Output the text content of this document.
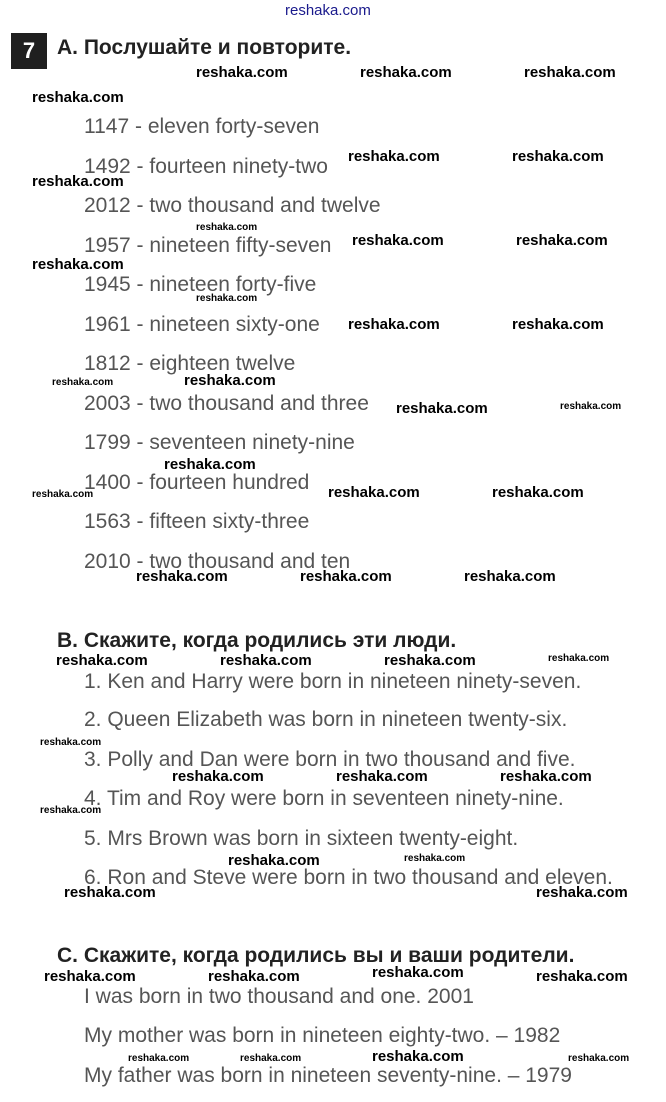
reshaka.com
7	A. Послушайте и повторите.
1147 - eleven forty-seven
1492 - fourteen ninety-two
2012 - two thousand and twelve
1957 - nineteen fifty-seven
1945 - nineteen forty-five
1961 - nineteen sixty-one
1812 - eighteen twelve
2003 - two thousand and three
1799 - seventeen ninety-nine
1400 - fourteen hundred
1563 - fifteen sixty-three
2010 - two thousand and ten
B. Скажите, когда родились эти люди.
1. Ken and Harry were born in nineteen ninety-seven.
2. Queen Elizabeth was born in nineteen twenty-six.
3. Polly and Dan were born in two thousand and five.
4. Tim and Roy were born in seventeen ninety-nine.
5. Mrs Brown was born in sixteen twenty-eight.
6. Ron and Steve were born in two thousand and eleven.
C. Скажите, когда родились вы и ваши родители.
I was born in two thousand and one. 2001
My mother was born in nineteen eighty-two. – 1982
My father was born in nineteen seventy-nine. – 1979
reshaka.com	reshaka.com	reshaka.com
reshaka.com
reshaka.com	reshaka.com
reshaka.com
reshaka.com
reshaka.com	reshaka.com
reshaka.com
reshaka.com
reshaka.com	reshaka.com
reshaka.com
reshaka.com
reshaka.com	reshaka.com
reshaka.com
reshaka.com	reshaka.com
reshaka.com
reshaka.com	reshaka.com	reshaka.com
reshaka.com	reshaka.com	reshaka.com	reshaka.com
reshaka.com
reshaka.com	reshaka.com	reshaka.com
reshaka.com
reshaka.com	reshaka.com
reshaka.com	reshaka.com
reshaka.com	reshaka.com	reshaka.com	reshaka.com
reshaka.com	reshaka.com	reshaka.com	reshaka.com
